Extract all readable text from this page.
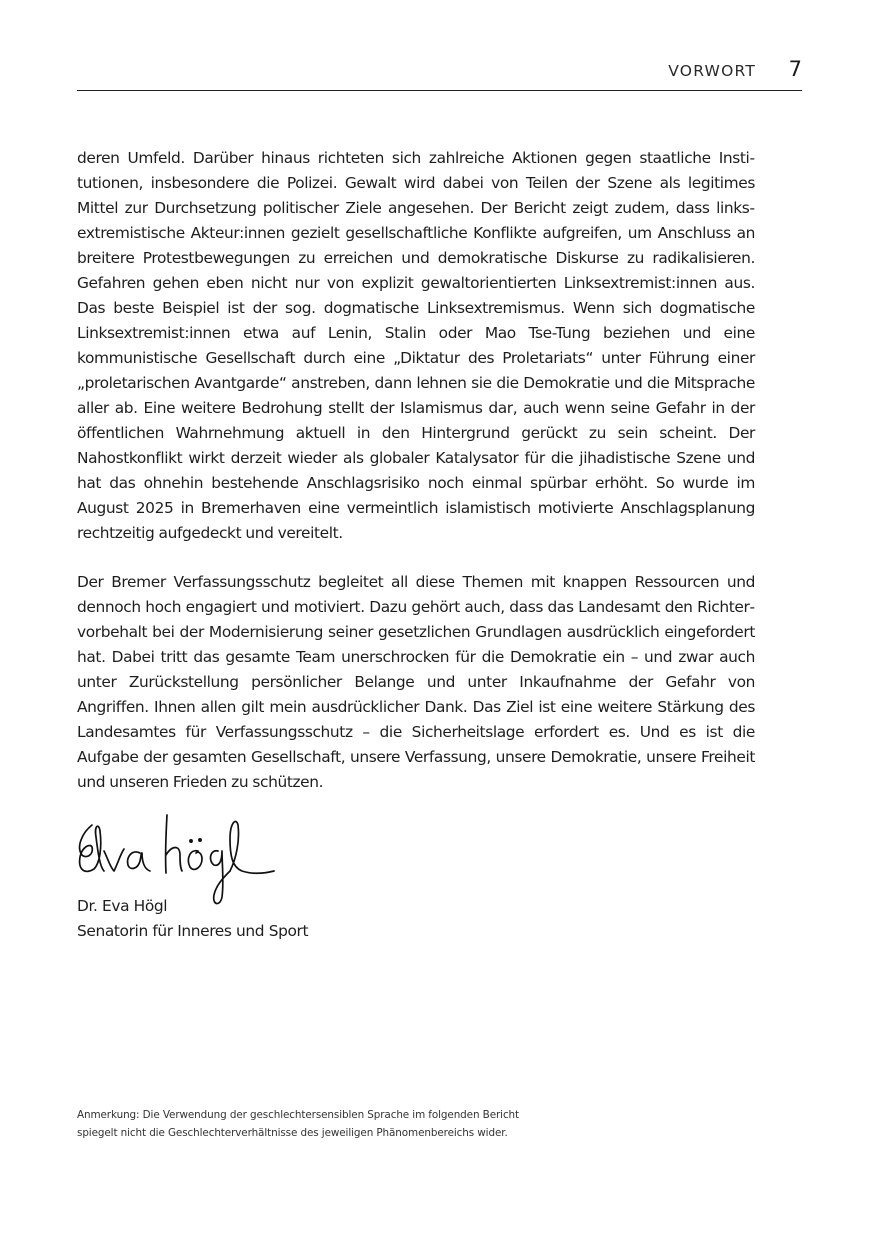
VORWORT 7

deren Umfeld. Darüber hinaus richteten sich zahlreiche Aktionen gegen staatliche Institutionen, insbesondere die Polizei. Gewalt wird dabei von Teilen der Szene als legitimes Mittel zur Durchsetzung politischer Ziele angesehen. Der Bericht zeigt zudem, dass linksextremistische Akteur:innen gezielt gesellschaftliche Konflikte aufgreifen, um Anschluss an breitere Protestbewegungen zu erreichen und demokratische Diskurse zu radikalisieren. Gefahren gehen eben nicht nur von explizit gewaltorientierten Linksextremist:innen aus. Das beste Beispiel ist der sog. dogmatische Linksextremismus. Wenn sich dogmatische Linksextremist:innen etwa auf Lenin, Stalin oder Mao Tse-Tung beziehen und eine kommunistische Gesellschaft durch eine „Diktatur des Proletariats“ unter Führung einer „proletarischen Avantgarde“ anstreben, dann lehnen sie die Demokratie und die Mitsprache aller ab. Eine weitere Bedrohung stellt der Islamismus dar, auch wenn seine Gefahr in der öffentlichen Wahrnehmung aktuell in den Hintergrund gerückt zu sein scheint. Der Nahostkonflikt wirkt derzeit wieder als globaler Katalysator für die jihadistische Szene und hat das ohnehin bestehende Anschlagsrisiko noch einmal spürbar erhöht. So wurde im August 2025 in Bremerhaven eine vermeintlich islamistisch motivierte Anschlagsplanung rechtzeitig aufgedeckt und vereitelt.

Der Bremer Verfassungsschutz begleitet all diese Themen mit knappen Ressourcen und dennoch hoch engagiert und motiviert. Dazu gehört auch, dass das Landesamt den Richtervorbehalt bei der Modernisierung seiner gesetzlichen Grundlagen ausdrücklich eingefordert hat. Dabei tritt das gesamte Team unerschrocken für die Demokratie ein – und zwar auch unter Zurückstellung persönlicher Belange und unter Inkaufnahme der Gefahr von Angriffen. Ihnen allen gilt mein ausdrücklicher Dank. Das Ziel ist eine weitere Stärkung des Landesamtes für Verfassungsschutz – die Sicherheitslage erfordert es. Und es ist die Aufgabe der gesamten Gesellschaft, unsere Verfassung, unsere Demokratie, unsere Freiheit und unseren Frieden zu schützen.

Dr. Eva Högl
Senatorin für Inneres und Sport
Anmerkung: Die Verwendung der geschlechtersensiblen Sprache im folgenden Bericht
spiegelt nicht die Geschlechterverhältnisse des jeweiligen Phänomenbereichs wider.
